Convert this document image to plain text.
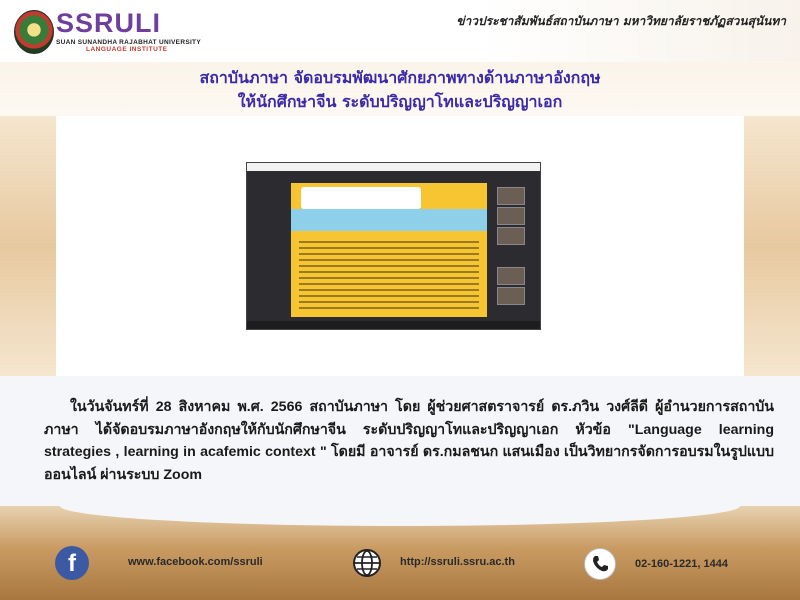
SSRULI
SUAN SUNANDHA RAJABHAT UNIVERSITY
LANGUAGE INSTITUTE
ข่าวประชาสัมพันธ์สถาบันภาษา มหาวิทยาลัยราชภัฏสวนสุนันทา
สถาบันภาษา จัดอบรมพัฒนาศักยภาพทางด้านภาษาอังกฤษ
ให้นักศึกษาจีน ระดับปริญญาโทและปริญญาเอก
ในวันจันทร์ที่ 28 สิงหาคม พ.ศ. 2566 สถาบันภาษา โดย ผู้ช่วยศาสตราจารย์ ดร.ภวิน วงศ์ลีดี ผู้อำนวยการสถาบันภาษา ได้จัดอบรมภาษาอังกฤษให้กับนักศึกษาจีน ระดับปริญญาโทและปริญญาเอก หัวข้อ "Language learning strategies , learning in acafemic context " โดยมี อาจารย์ ดร.กมลชนก แสนเมือง เป็นวิทยากรจัดการอบรมในรูปแบบออนไลน์ ผ่านระบบ Zoom
f	www.facebook.com/ssruli	http://ssruli.ssru.ac.th	02-160-1221, 1444
